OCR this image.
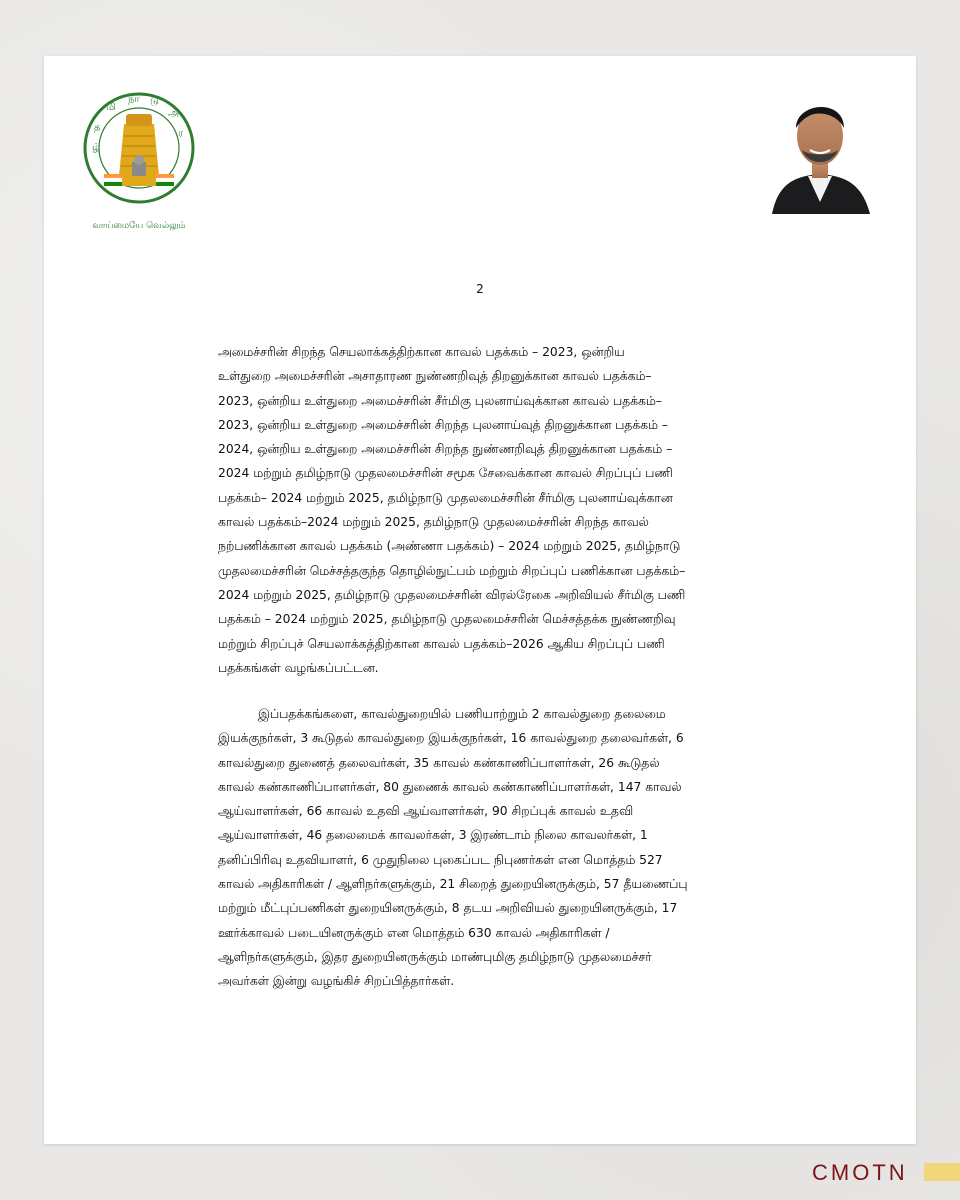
த
மி
நா டு
அ
ர
ழ்
வாய்மையே வெல்லும்
2
அமைச்சரின் சிறந்த செயலாக்கத்திற்கான காவல் பதக்கம் – 2023, ஒன்றிய
உள்துறை அமைச்சரின் அசாதாரண நுண்ணறிவுத் திறனுக்கான காவல் பதக்கம்–
2023, ஒன்றிய உள்துறை அமைச்சரின் சீர்மிகு புலனாய்வுக்கான காவல் பதக்கம்–
2023, ஒன்றிய உள்துறை அமைச்சரின் சிறந்த புலனாய்வுத் திறனுக்கான பதக்கம் –
2024, ஒன்றிய உள்துறை அமைச்சரின் சிறந்த நுண்ணறிவுத் திறனுக்கான பதக்கம் –
2024 மற்றும் தமிழ்நாடு முதலமைச்சரின் சமூக சேவைக்கான காவல் சிறப்புப் பணி
பதக்கம்– 2024 மற்றும் 2025, தமிழ்நாடு முதலமைச்சரின் சீர்மிகு புலனாய்வுக்கான
காவல் பதக்கம்–2024 மற்றும் 2025, தமிழ்நாடு முதலமைச்சரின் சிறந்த காவல்
நற்பணிக்கான காவல் பதக்கம் (அண்ணா பதக்கம்) – 2024 மற்றும் 2025, தமிழ்நாடு
முதலமைச்சரின் மெச்சத்தகுந்த தொழில்நுட்பம் மற்றும் சிறப்புப் பணிக்கான பதக்கம்–
2024 மற்றும் 2025, தமிழ்நாடு முதலமைச்சரின் விரல்ரேகை அறிவியல் சீர்மிகு பணி
பதக்கம் – 2024 மற்றும் 2025, தமிழ்நாடு முதலமைச்சரின் மெச்சத்தக்க நுண்ணறிவு
மற்றும் சிறப்புச் செயலாக்கத்திற்கான காவல் பதக்கம்–2026 ஆகிய சிறப்புப் பணி
பதக்கங்கள் வழங்கப்பட்டன.
இப்பதக்கங்களை, காவல்துறையில் பணியாற்றும் 2 காவல்துறை தலைமை
இயக்குநர்கள், 3 கூடுதல் காவல்துறை இயக்குநர்கள், 16 காவல்துறை தலைவர்கள், 6
காவல்துறை துணைத் தலைவர்கள், 35 காவல் கண்காணிப்பாளர்கள், 26 கூடுதல்
காவல் கண்காணிப்பாளர்கள், 80 துணைக் காவல் கண்காணிப்பாளர்கள், 147 காவல்
ஆய்வாளர்கள், 66 காவல் உதவி ஆய்வாளர்கள், 90 சிறப்புக் காவல் உதவி
ஆய்வாளர்கள், 46 தலைமைக் காவலர்கள், 3 இரண்டாம் நிலை காவலர்கள், 1
தனிப்பிரிவு உதவியாளர், 6 முதுநிலை புகைப்பட நிபுணர்கள் என மொத்தம் 527
காவல் அதிகாரிகள் / ஆளிநர்களுக்கும், 21 சிறைத் துறையினருக்கும், 57 தீயணைப்பு
மற்றும் மீட்புப்பணிகள் துறையினருக்கும், 8 தடய அறிவியல் துறையினருக்கும், 17
ஊர்க்காவல் படையினருக்கும் என மொத்தம் 630 காவல் அதிகாரிகள் /
ஆளிநர்களுக்கும், இதர துறையினருக்கும் மாண்புமிகு தமிழ்நாடு முதலமைச்சர்
அவர்கள் இன்று வழங்கிச் சிறப்பித்தார்கள்.
CMOTN
